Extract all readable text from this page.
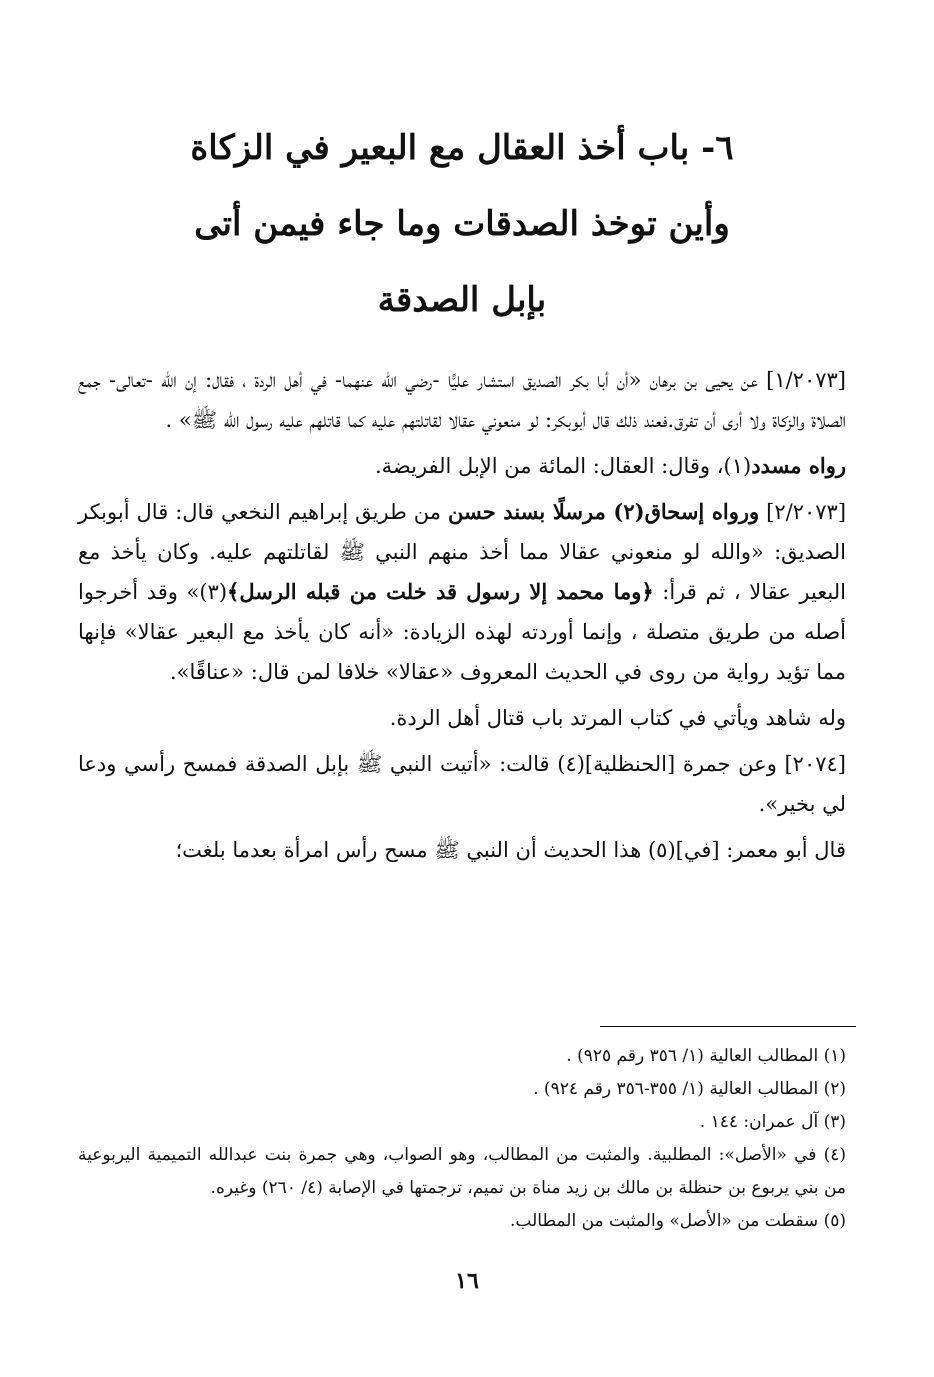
٦- باب أخذ العقال مع البعير في الزكاة
وأين توخذ الصدقات وما جاء فيمن أتى
بإبل الصدقة

[١/٢٠٧٣] عن يحيى بن برهان «أن أبا بكر الصديق استشار عليًّا -رضي الله عنهما- في أهل الردة ، فقال: إن الله -تعالى- جمع الصلاة والزكاة ولا أرى أن تفرق.فعند ذلك قال أبوبكر: لو منعوني عقالا لقاتلتهم عليه كما قاتلهم عليه رسول الله ﷺ» .

رواه مسدد(١)، وقال: العقال: المائة من الإبل الفريضة.

[٢/٢٠٧٣] ورواه إسحاق(٢) مرسلًا بسند حسن من طريق إبراهيم النخعي قال: قال أبوبكر الصديق: «والله لو منعوني عقالا مما أخذ منهم النبي ﷺ لقاتلتهم عليه. وكان يأخذ مع البعير عقالا ، ثم قرأ: ﴿وما محمد إلا رسول قد خلت من قبله الرسل﴾(٣)» وقد أخرجوا أصله من طريق متصلة ، وإنما أوردته لهذه الزيادة: «أنه كان يأخذ مع البعير عقالا» فإنها مما تؤيد رواية من روى في الحديث المعروف «عقالا» خلافا لمن قال: «عناقًا».

وله شاهد ويأتي في كتاب المرتد باب قتال أهل الردة.

[٢٠٧٤] وعن جمرة [الحنظلية](٤) قالت: «أتيت النبي ﷺ بإبل الصدقة فمسح رأسي ودعا لي بخير».

قال أبو معمر: [في](٥) هذا الحديث أن النبي ﷺ مسح رأس امرأة بعدما بلغت؛

(١) المطالب العالية (١/ ٣٥٦ رقم ٩٢٥) .
(٢) المطالب العالية (١/ ٣٥٥-٣٥٦ رقم ٩٢٤) .
(٣) آل عمران: ١٤٤ .
(٤) في «الأصل»: المطلبية. والمثبت من المطالب، وهو الصواب، وهي جمرة بنت عبدالله التميمية اليربوعية من بني يربوع بن حنظلة بن مالك بن زيد مناة بن تميم، ترجمتها في الإصابة (٤/ ٢٦٠) وغيره.
(٥) سقطت من «الأصل» والمثبت من المطالب.
١٦
